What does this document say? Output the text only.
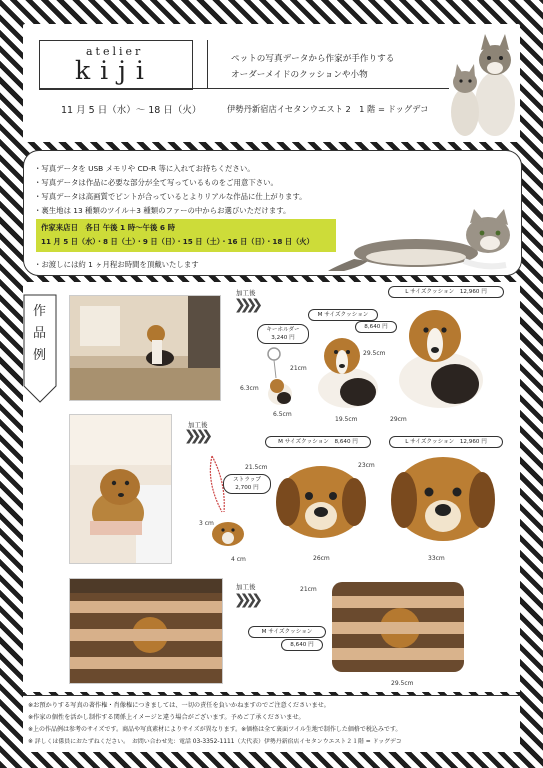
atelier
kiji	ペットの写真データから作家が手作りする
オーダーメイドのクッションや小物
11 月 5 日（水）〜 18 日（火）	伊勢丹新宿店イセタンウエスト 2　1 階 = ドッグデコ
・写真データを USB メモリや CD-R 等に入れてお持ちください。
・写真データは作品に必要な部分が全て写っているものをご用意下さい。
・写真データは高画質でピントが合っているとよりリアルな作品に仕上がります。
・裏生地は 13 種類のツイル＋3 種類のファーの中からお選びいただけます。
作家来店日　各日 午後 1 時〜午後 6 時
11 月 5 日（水）・8 日（土）・9 日（日）・15 日（土）・16 日（日）・18 日（火）
・お渡しには約 1 ヶ月程お時間を頂戴いたします
作
品
例
加工後
❯❯❯❯
キーホルダー
3,240 円
6.3cm
6.5cm
M サイズクッション
8,640 円
21cm
19.5cm
L サイズクッション　12,960 円
29.5cm
29cm
加工後
❯❯❯❯
ストラップ
2,700 円
21.5cm
3 cm
4 cm
M サイズクッション　8,640 円
26cm
L サイズクッション　12,960 円
23cm
33cm
加工後
❯❯❯❯
M サイズクッション
8,640 円
21cm
29.5cm
※お預かりする写真の著作権・肖像権につきましては、一切の責任を負いかねますのでご注意くださいませ。
※作家の個性を活かし制作する関係上イメージと違う場合がございます。予めご了承くださいませ。
※上の作品例は参考のサイズです。商品や写真素材によりサイズが異なります。※価格は全て裏面ツイル生地で制作した価格で税込みです。
※ 詳しくは係員におたずねください。　お問い合わせ先：電話 03-3352-1111（大代表）伊勢丹新宿店イセタンウエスト２１階 = ドッグデコ
